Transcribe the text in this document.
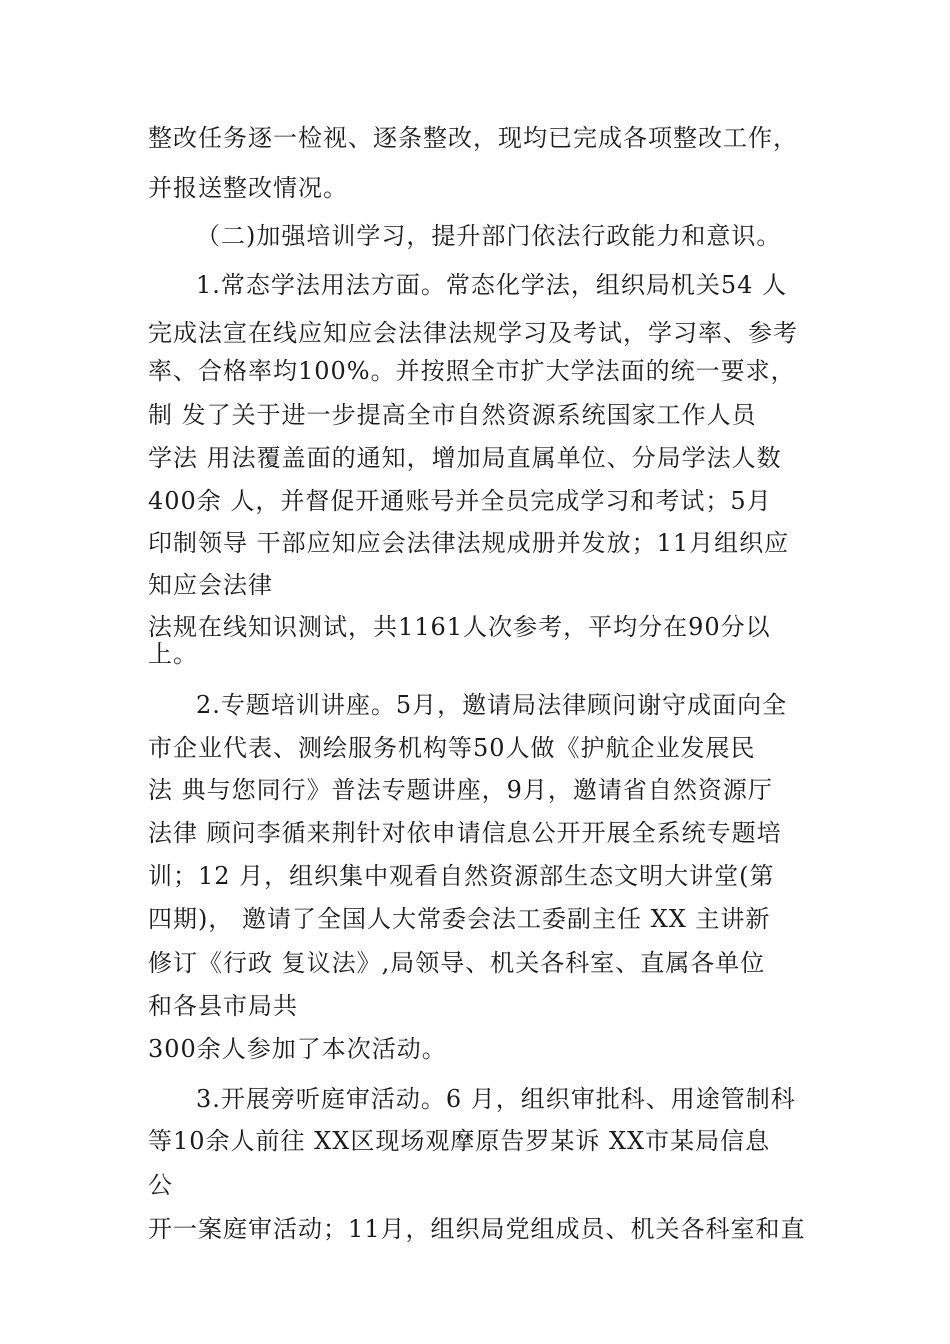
整改任务逐一检视、逐条整改，现均已完成各项整改工作，
并报送整改情况。
（二)加强培训学习，提升部门依法行政能力和意识。
1.常态学法用法方面。常态化学法，组织局机关54 人
完成法宣在线应知应会法律法规学习及考试，学习率、参考
率、合格率均100%。并按照全市扩大学法面的统一要求，
制 发了关于进一步提高全市自然资源系统国家工作人员
学法 用法覆盖面的通知，增加局直属单位、分局学法人数
400余 人，并督促开通账号并全员完成学习和考试；5月
印制领导 干部应知应会法律法规成册并发放；11月组织应
知应会法律
法规在线知识测试，共1161人次参考，平均分在90分以
上。
2.专题培训讲座。5月，邀请局法律顾问谢守成面向全
市企业代表、测绘服务机构等50人做《护航企业发展民
法 典与您同行》普法专题讲座，9月，邀请省自然资源厅
法律 顾问李循来荆针对依申请信息公开开展全系统专题培
训；12 月，组织集中观看自然资源部生态文明大讲堂(第
四期)， 邀请了全国人大常委会法工委副主任 XX 主讲新
修订《行政 复议法》,局领导、机关各科室、直属各单位
和各县市局共
300余人参加了本次活动。
3.开展旁听庭审活动。6 月，组织审批科、用途管制科
等10余人前往 XX区现场观摩原告罗某诉 XX市某局信息
公
开一案庭审活动；11月，组织局党组成员、机关各科室和直
